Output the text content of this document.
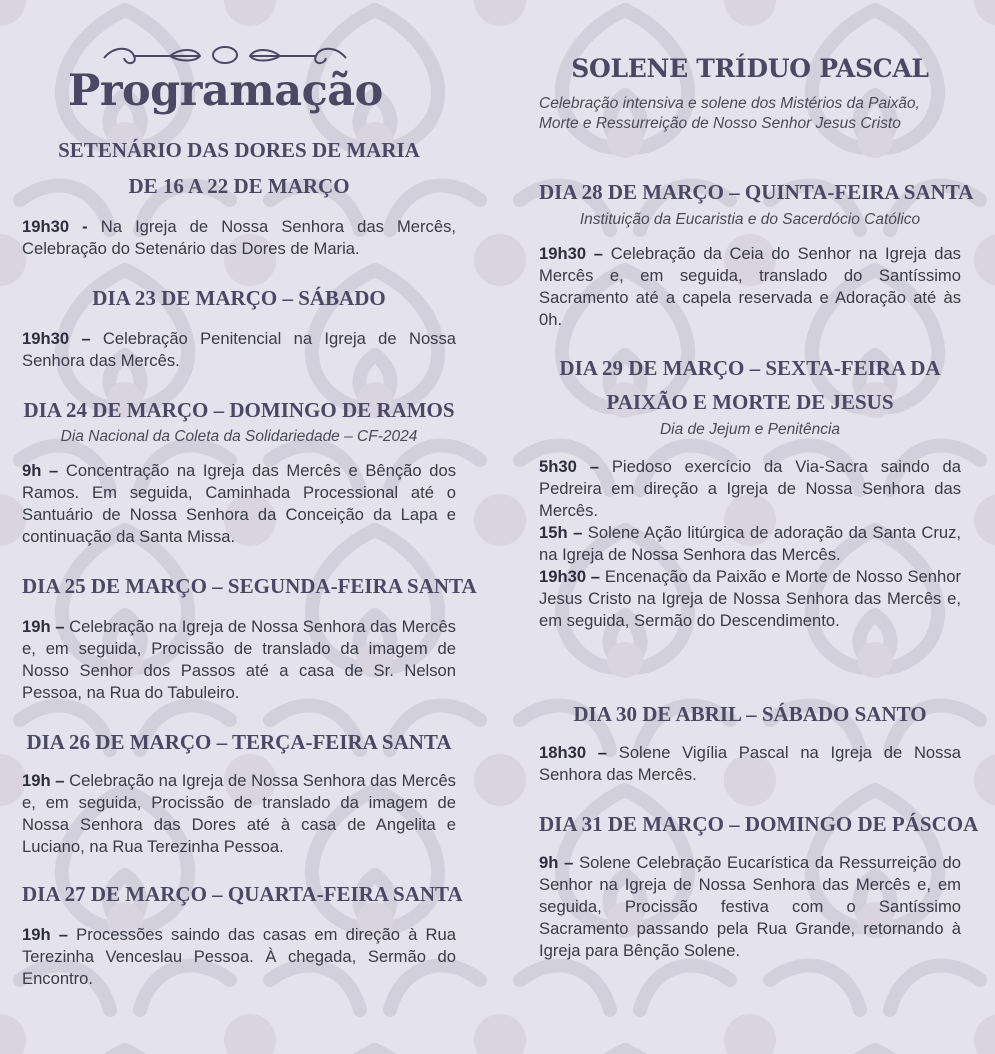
Programação
SETENÁRIO DAS DORES DE MARIA
DE 16 A 22 DE MARÇO

19h30 - Na Igreja de Nossa Senhora das Mercês, Celebração do Setenário das Dores de Maria.

DIA 23 DE MARÇO – SÁBADO

19h30 – Celebração Penitencial na Igreja de Nossa Senhora das Mercês.

DIA 24 DE MARÇO – DOMINGO DE RAMOS

Dia Nacional da Coleta da Solidariedade – CF-2024

9h – Concentração na Igreja das Mercês e Bênção dos Ramos. Em seguida, Caminhada Processional até o Santuário de Nossa Senhora da Conceição da Lapa e continuação da Santa Missa.

DIA 25 DE MARÇO – SEGUNDA-FEIRA SANTA

19h – Celebração na Igreja de Nossa Senhora das Mercês e, em seguida, Procissão de translado da imagem de Nosso Senhor dos Passos até a casa de Sr. Nelson Pessoa, na Rua do Tabuleiro.

DIA 26 DE MARÇO – TERÇA-FEIRA SANTA

19h – Celebração na Igreja de Nossa Senhora das Mercês e, em seguida, Procissão de translado da imagem de Nossa Senhora das Dores até à casa de Angelita e Luciano, na Rua Terezinha Pessoa.

DIA 27 DE MARÇO – QUARTA-FEIRA SANTA

19h – Processões saindo das casas em direção à Rua Terezinha Venceslau Pessoa. À chegada, Sermão do Encontro.

SOLENE TRÍDUO PASCAL

Celebração intensiva e solene dos Mistérios da Paixão, Morte e Ressurreição de Nosso Senhor Jesus Cristo

DIA 28 DE MARÇO – QUINTA-FEIRA SANTA

Instituição da Eucaristia e do Sacerdócio Católico

19h30 – Celebração da Ceia do Senhor na Igreja das Mercês e, em seguida, translado do Santíssimo Sacramento até a capela reservada e Adoração até às 0h.

DIA 29 DE MARÇO – SEXTA-FEIRA DA
PAIXÃO E MORTE DE JESUS

Dia de Jejum e Penitência

5h30 – Piedoso exercício da Via-Sacra saindo da Pedreira em direção a Igreja de Nossa Senhora das Mercês.
15h – Solene Ação litúrgica de adoração da Santa Cruz, na Igreja de Nossa Senhora das Mercês.
19h30 – Encenação da Paixão e Morte de Nosso Senhor Jesus Cristo na Igreja de Nossa Senhora das Mercês e, em seguida, Sermão do Descendimento.
DIA 30 DE ABRIL – SÁBADO SANTO

18h30 – Solene Vigília Pascal na Igreja de Nossa Senhora das Mercês.

DIA 31 DE MARÇO – DOMINGO DE PÁSCOA

9h – Solene Celebração Eucarística da Ressurreição do Senhor na Igreja de Nossa Senhora das Mercês e, em seguida, Procissão festiva com o Santíssimo Sacramento passando pela Rua Grande, retornando à Igreja para Bênção Solene.
